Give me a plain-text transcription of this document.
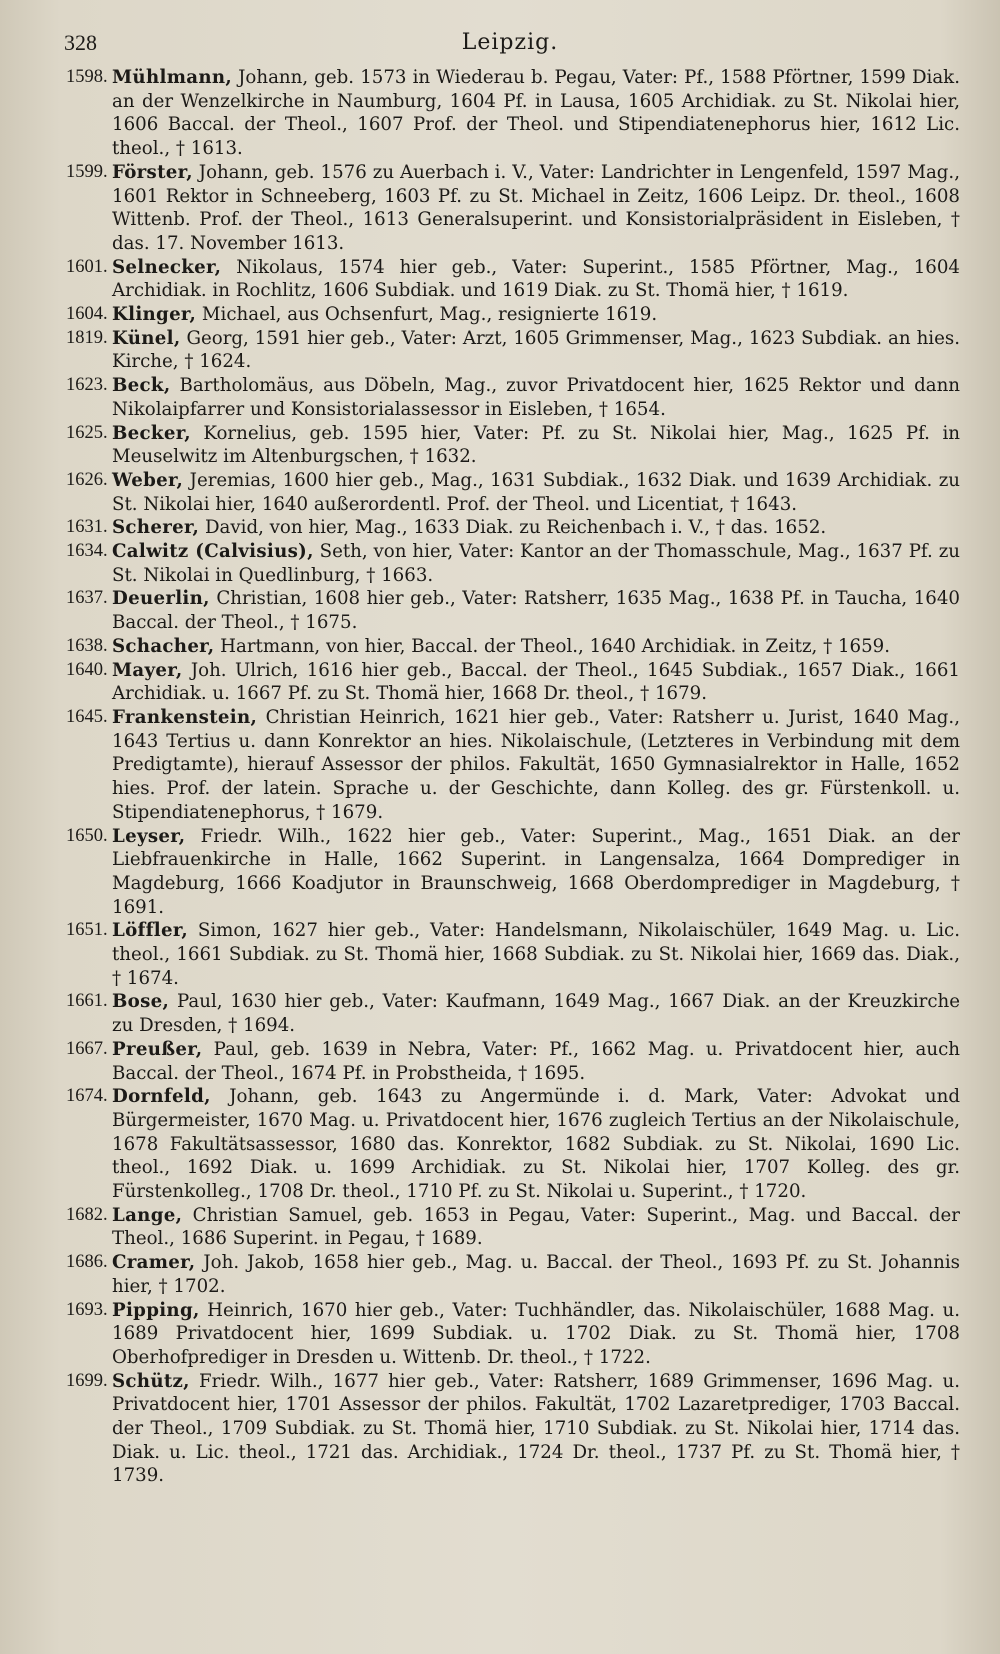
328	Leipzig.
1598. Mühlmann, Johann, geb. 1573 in Wiederau b. Pegau, Vater: Pf., 1588 Pförtner, 1599 Diak. an der Wenzelkirche in Naumburg, 1604 Pf. in Lausa, 1605 Archidiak. zu St. Nikolai hier, 1606 Baccal. der Theol., 1607 Prof. der Theol. und Stipendiatenephorus hier, 1612 Lic. theol., † 1613.
1599. Förster, Johann, geb. 1576 zu Auerbach i. V., Vater: Landrichter in Lengenfeld, 1597 Mag., 1601 Rektor in Schneeberg, 1603 Pf. zu St. Michael in Zeitz, 1606 Leipz. Dr. theol., 1608 Wittenb. Prof. der Theol., 1613 Generalsuperint. und Konsistorialpräsident in Eisleben, † das. 17. November 1613.
1601. Selnecker, Nikolaus, 1574 hier geb., Vater: Superint., 1585 Pförtner, Mag., 1604 Archidiak. in Rochlitz, 1606 Subdiak. und 1619 Diak. zu St. Thomä hier, † 1619.
1604. Klinger, Michael, aus Ochsenfurt, Mag., resignierte 1619.
1819. Künel, Georg, 1591 hier geb., Vater: Arzt, 1605 Grimmenser, Mag., 1623 Subdiak. an hies. Kirche, † 1624.
1623. Beck, Bartholomäus, aus Döbeln, Mag., zuvor Privatdocent hier, 1625 Rektor und dann Nikolaipfarrer und Konsistorialassessor in Eisleben, † 1654.
1625. Becker, Kornelius, geb. 1595 hier, Vater: Pf. zu St. Nikolai hier, Mag., 1625 Pf. in Meuselwitz im Altenburgschen, † 1632.
1626. Weber, Jeremias, 1600 hier geb., Mag., 1631 Subdiak., 1632 Diak. und 1639 Archidiak. zu St. Nikolai hier, 1640 außerordentl. Prof. der Theol. und Licentiat, † 1643.
1631. Scherer, David, von hier, Mag., 1633 Diak. zu Reichenbach i. V., † das. 1652.
1634. Calwitz (Calvisius), Seth, von hier, Vater: Kantor an der Thomasschule, Mag., 1637 Pf. zu St. Nikolai in Quedlinburg, † 1663.
1637. Deuerlin, Christian, 1608 hier geb., Vater: Ratsherr, 1635 Mag., 1638 Pf. in Taucha, 1640 Baccal. der Theol., † 1675.
1638. Schacher, Hartmann, von hier, Baccal. der Theol., 1640 Archidiak. in Zeitz, † 1659.
1640. Mayer, Joh. Ulrich, 1616 hier geb., Baccal. der Theol., 1645 Subdiak., 1657 Diak., 1661 Archidiak. u. 1667 Pf. zu St. Thomä hier, 1668 Dr. theol., † 1679.
1645. Frankenstein, Christian Heinrich, 1621 hier geb., Vater: Ratsherr u. Jurist, 1640 Mag., 1643 Tertius u. dann Konrektor an hies. Nikolaischule, (Letzteres in Verbindung mit dem Predigtamte), hierauf Assessor der philos. Fakultät, 1650 Gymnasialrektor in Halle, 1652 hies. Prof. der latein. Sprache u. der Geschichte, dann Kolleg. des gr. Fürstenkoll. u. Stipendiatenephorus, † 1679.
1650. Leyser, Friedr. Wilh., 1622 hier geb., Vater: Superint., Mag., 1651 Diak. an der Liebfrauenkirche in Halle, 1662 Superint. in Langensalza, 1664 Domprediger in Magdeburg, 1666 Koadjutor in Braunschweig, 1668 Oberdomprediger in Magdeburg, † 1691.
1651. Löffler, Simon, 1627 hier geb., Vater: Handelsmann, Nikolaischüler, 1649 Mag. u. Lic. theol., 1661 Subdiak. zu St. Thomä hier, 1668 Subdiak. zu St. Nikolai hier, 1669 das. Diak., † 1674.
1661. Bose, Paul, 1630 hier geb., Vater: Kaufmann, 1649 Mag., 1667 Diak. an der Kreuzkirche zu Dresden, † 1694.
1667. Preußer, Paul, geb. 1639 in Nebra, Vater: Pf., 1662 Mag. u. Privatdocent hier, auch Baccal. der Theol., 1674 Pf. in Probstheida, † 1695.
1674. Dornfeld, Johann, geb. 1643 zu Angermünde i. d. Mark, Vater: Advokat und Bürgermeister, 1670 Mag. u. Privatdocent hier, 1676 zugleich Tertius an der Nikolaischule, 1678 Fakultätsassessor, 1680 das. Konrektor, 1682 Subdiak. zu St. Nikolai, 1690 Lic. theol., 1692 Diak. u. 1699 Archidiak. zu St. Nikolai hier, 1707 Kolleg. des gr. Fürstenkolleg., 1708 Dr. theol., 1710 Pf. zu St. Nikolai u. Superint., † 1720.
1682. Lange, Christian Samuel, geb. 1653 in Pegau, Vater: Superint., Mag. und Baccal. der Theol., 1686 Superint. in Pegau, † 1689.
1686. Cramer, Joh. Jakob, 1658 hier geb., Mag. u. Baccal. der Theol., 1693 Pf. zu St. Johannis hier, † 1702.
1693. Pipping, Heinrich, 1670 hier geb., Vater: Tuchhändler, das. Nikolaischüler, 1688 Mag. u. 1689 Privatdocent hier, 1699 Subdiak. u. 1702 Diak. zu St. Thomä hier, 1708 Oberhofprediger in Dresden u. Wittenb. Dr. theol., † 1722.
1699. Schütz, Friedr. Wilh., 1677 hier geb., Vater: Ratsherr, 1689 Grimmenser, 1696 Mag. u. Privatdocent hier, 1701 Assessor der philos. Fakultät, 1702 Lazaretprediger, 1703 Baccal. der Theol., 1709 Subdiak. zu St. Thomä hier, 1710 Subdiak. zu St. Nikolai hier, 1714 das. Diak. u. Lic. theol., 1721 das. Archidiak., 1724 Dr. theol., 1737 Pf. zu St. Thomä hier, † 1739.
